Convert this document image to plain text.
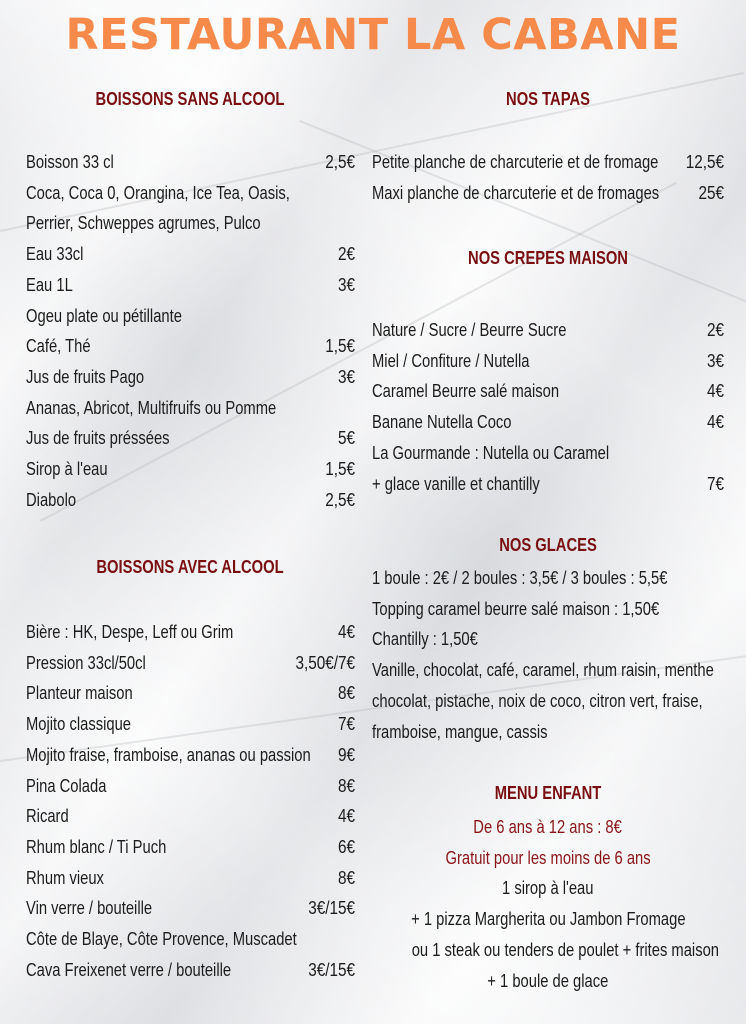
RESTAURANT LA CABANE
BOISSONS SANS ALCOOL
BOISSONS AVEC ALCOOL
NOS TAPAS
NOS CREPES MAISON
NOS GLACES
MENU ENFANT
Boisson 33 cl	2,5€
Coca, Coca 0, Orangina, Ice Tea, Oasis,
Perrier, Schweppes agrumes, Pulco
Eau 33cl	2€
Eau 1L	3€
Ogeu plate ou pétillante
Café, Thé	1,5€
Jus de fruits Pago	3€
Ananas, Abricot, Multifruifs ou Pomme
Jus de fruits préssées	5€
Sirop à l'eau	1,5€
Diabolo	2,5€
Bière : HK, Despe, Leff ou Grim	4€
Pression 33cl/50cl	3,50€/7€
Planteur maison	8€
Mojito classique	7€
Mojito fraise, framboise, ananas ou passion 9€
Pina Colada	8€
Ricard	4€
Rhum blanc / Ti Puch	6€
Rhum vieux	8€
Vin verre / bouteille	3€/15€
Côte de Blaye, Côte Provence, Muscadet
Cava Freixenet verre / bouteille	3€/15€
Petite planche de charcuterie et de fromage 12,5€
Maxi planche de charcuterie et de fromages 25€
Nature / Sucre / Beurre Sucre	2€
Miel / Confiture / Nutella	3€
Caramel Beurre salé maison	4€
Banane Nutella Coco	4€
La Gourmande : Nutella ou Caramel
+ glace vanille et chantilly	7€
1 boule : 2€ / 2 boules : 3,5€ / 3 boules : 5,5€
Topping caramel beurre salé maison : 1,50€
Chantilly : 1,50€
Vanille, chocolat, café, caramel, rhum raisin, menthe
chocolat, pistache, noix de coco, citron vert, fraise,
framboise, mangue, cassis
De 6 ans à 12 ans : 8€
Gratuit pour les moins de 6 ans
1 sirop à l'eau
+ 1 pizza Margherita ou Jambon Fromage
ou 1 steak ou tenders de poulet + frites maison
+ 1 boule de glace
